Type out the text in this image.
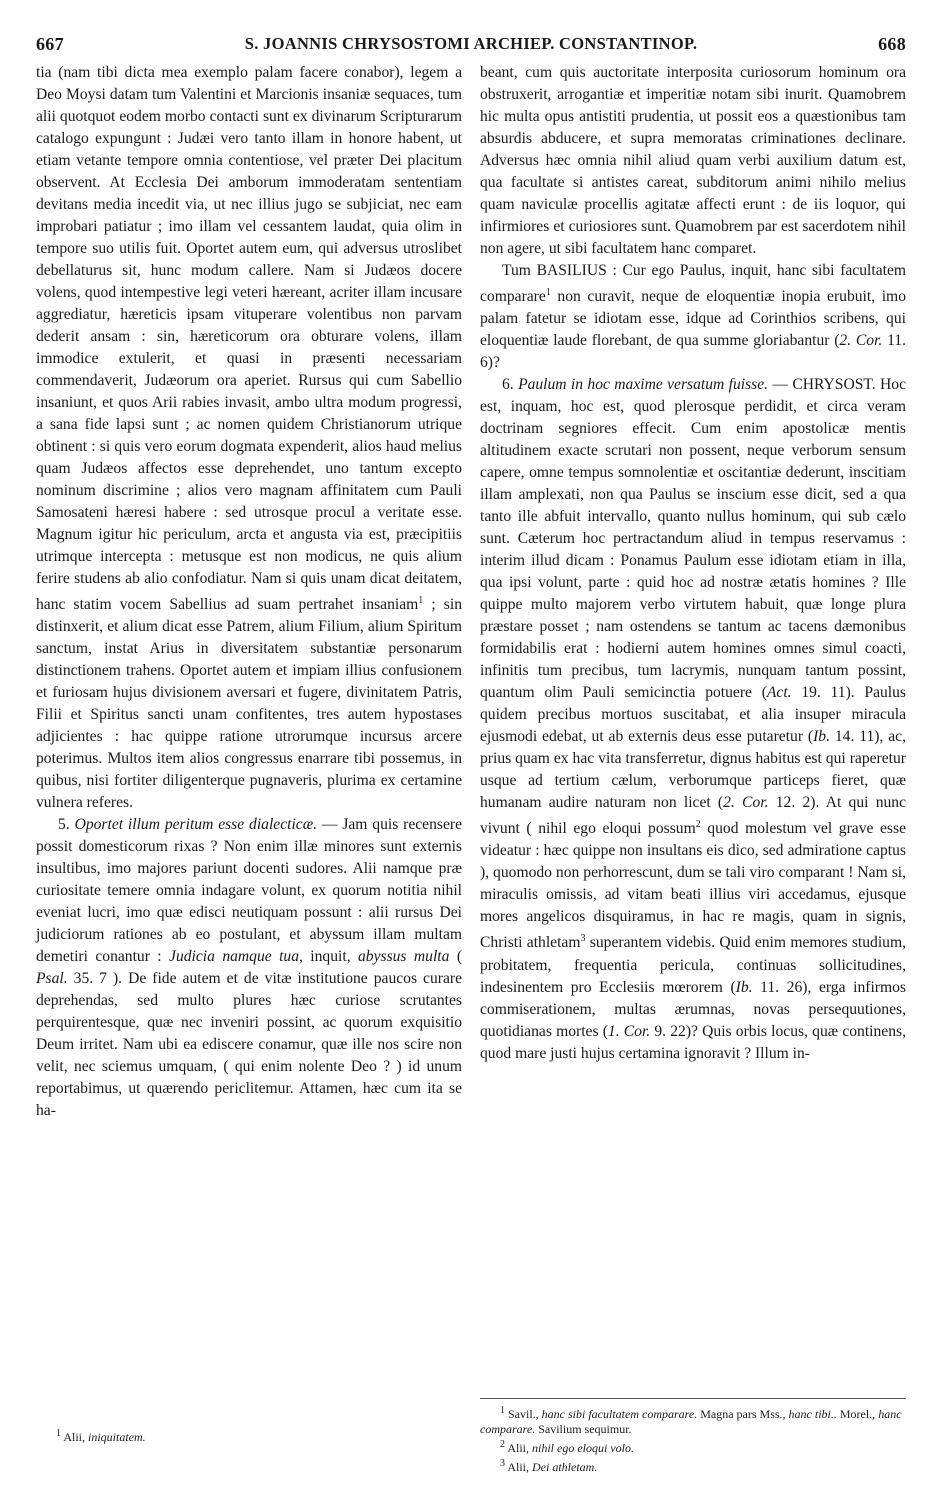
667	S. JOANNIS CHRYSOSTOMI ARCHIEP. CONSTANTINOP.	668

tia (nam tibi dicta mea exemplo palam facere conabor), legem a Deo Moysi datam tum Valentini et Marcionis insaniæ sequaces, tum alii quotquot eodem morbo contacti sunt ex divinarum Scripturarum catalogo expungunt : Judæi vero tanto illam in honore habent, ut etiam vetante tempore omnia contentiose, vel præter Dei placitum observent. At Ecclesia Dei amborum immoderatam sententiam devitans media incedit via, ut nec illius jugo se subjiciat, nec eam improbari patiatur ; imo illam vel cessantem laudat, quia olim in tempore suo utilis fuit. Oportet autem eum, qui adversus utroslibet debellaturus sit, hunc modum callere. Nam si Judæos docere volens, quod intempestive legi veteri hæreant, acriter illam incusare aggrediatur, hæreticis ipsam vituperare volentibus non parvam dederit ansam : sin, hæreticorum ora obturare volens, illam immodice extulerit, et quasi in præsenti necessariam commendaverit, Judæorum ora aperiet. Rursus qui cum Sabellio insaniunt, et quos Arii rabies invasit, ambo ultra modum progressi, a sana fide lapsi sunt ; ac nomen quidem Christianorum utrique obtinent : si quis vero eorum dogmata expenderit, alios haud melius quam Judæos affectos esse deprehendet, uno tantum excepto nominum discrimine ; alios vero magnam affinitatem cum Pauli Samosateni hæresi habere : sed utrosque procul a veritate esse. Magnum igitur hic periculum, arcta et angusta via est, præcipitiis utrimque intercepta : metusque est non modicus, ne quis alium ferire studens ab alio confodiatur. Nam si quis unam dicat deitatem, hanc statim vocem Sabellius ad suam pertrahet insaniam$^1$ ; sin distinxerit, et alium dicat esse Patrem, alium Filium, alium Spiritum sanctum, instat Arius in diversitatem substantiæ personarum distinctionem trahens. Oportet autem et impiam illius confusionem et furiosam hujus divisionem aversari et fugere, divinitatem Patris, Filii et Spiritus sancti unam confitentes, tres autem hypostases adjicientes : hac quippe ratione utrorumque incursus arcere poterimus. Multos item alios congressus enarrare tibi possemus, in quibus, nisi fortiter diligenterque pugnaveris, plurima ex certamine vulnera referes.

5. Oportet illum peritum esse dialecticæ. — Jam quis recensere possit domesticorum rixas ? Non enim illæ minores sunt externis insultibus, imo majores pariunt docenti sudores. Alii namque præ curiositate temere omnia indagare volunt, ex quorum notitia nihil eveniat lucri, imo quæ edisci neutiquam possunt : alii rursus Dei judiciorum rationes ab eo postulant, et abyssum illam multam demetiri conantur : Judicia namque tua, inquit, abyssus multa ( Psal. 35. 7 ). De fide autem et de vitæ institutione paucos curare deprehendas, sed multo plures hæc curiose scrutantes perquirentesque, quæ nec inveniri possint, ac quorum exquisitio Deum irritet. Nam ubi ea ediscere conamur, quæ ille nos scire non velit, nec sciemus umquam, ( qui enim nolente Deo ? ) id unum reportabimus, ut quærendo periclitemur. Attamen, hæc cum ita se ha-

$^1$ Alii, iniquitatem.

beant, cum quis auctoritate interposita curiosorum hominum ora obstruxerit, arrogantiæ et imperitiæ notam sibi inurit. Quamobrem hic multa opus antistiti prudentia, ut possit eos a quæstionibus tam absurdis abducere, et supra memoratas criminationes declinare. Adversus hæc omnia nihil aliud quam verbi auxilium datum est, qua facultate si antistes careat, subditorum animi nihilo melius quam naviculæ procellis agitatæ affecti erunt : de iis loquor, qui infirmiores et curiosiores sunt. Quamobrem par est sacerdotem nihil non agere, ut sibi facultatem hanc comparet.

Tum BASILIUS : Cur ego Paulus, inquit, hanc sibi facultatem comparare$^1$ non curavit, neque de eloquentiæ inopia erubuit, imo palam fatetur se idiotam esse, idque ad Corinthios scribens, qui eloquentiæ laude florebant, de qua summe gloriabantur (2. Cor. 11. 6)?

6. Paulum in hoc maxime versatum fuisse. — CHRYSOST. Hoc est, inquam, hoc est, quod plerosque perdidit, et circa veram doctrinam segniores effecit. Cum enim apostolicæ mentis altitudinem exacte scrutari non possent, neque verborum sensum capere, omne tempus somnolentiæ et oscitantiæ dederunt, inscitiam illam amplexati, non qua Paulus se inscium esse dicit, sed a qua tanto ille abfuit intervallo, quanto nullus hominum, qui sub cælo sunt. Cæterum hoc pertractandum aliud in tempus reservamus : interim illud dicam : Ponamus Paulum esse idiotam etiam in illa, qua ipsi volunt, parte : quid hoc ad nostræ ætatis homines ? Ille quippe multo majorem verbo virtutem habuit, quæ longe plura præstare posset ; nam ostendens se tantum ac tacens dæmonibus formidabilis erat : hodierni autem homines omnes simul coacti, infinitis tum precibus, tum lacrymis, nunquam tantum possint, quantum olim Pauli semicinctia potuere (Act. 19. 11). Paulus quidem precibus mortuos suscitabat, et alia insuper miracula ejusmodi edebat, ut ab externis deus esse putaretur (Ib. 14. 11), ac, prius quam ex hac vita transferretur, dignus habitus est qui raperetur usque ad tertium cælum, verborumque particeps fieret, quæ humanam audire naturam non licet (2. Cor. 12. 2). At qui nunc vivunt ( nihil ego eloqui possum$^2$ quod molestum vel grave esse videatur : hæc quippe non insultans eis dico, sed admiratione captus ), quomodo non perhorrescunt, dum se tali viro comparant ! Nam si, miraculis omissis, ad vitam beati illius viri accedamus, ejusque mores angelicos disquiramus, in hac re magis, quam in signis, Christi athletam$^3$ superantem videbis. Quid enim memores studium, probitatem, frequentia pericula, continuas sollicitudines, indesinentem pro Ecclesiis mœrorem (Ib. 11. 26), erga infirmos commiserationem, multas ærumnas, novas persequutiones, quotidianas mortes (1. Cor. 9. 22)? Quis orbis locus, quæ continens, quod mare justi hujus certamina ignoravit ? Illum in-

$^1$ Savil., hanc sibi facultatem comparare. Magna pars Mss., hanc tibi.. Morel., hanc comparare. Savilium sequimur.

$^2$ Alii, nihil ego eloqui volo.

$^3$ Alii, Dei athletam.
